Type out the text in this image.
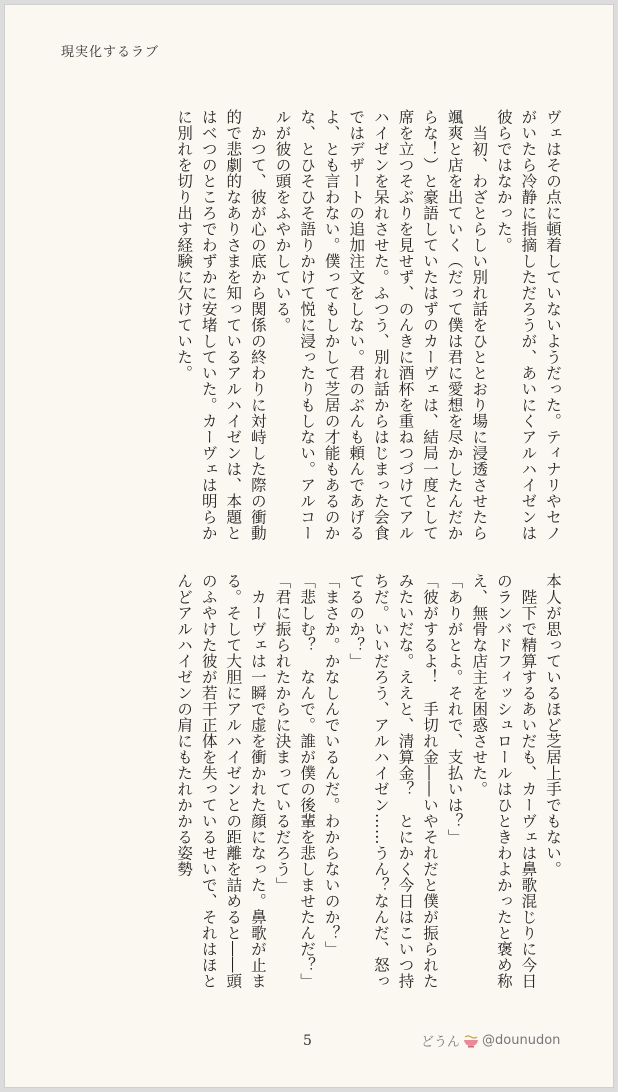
現実化するラブ

ヴェはその点に頓着していないようだった。ティナリやセノがいたら冷静に指摘しただろうが、あいにくアルハイゼンは彼らではなかった。

　当初、わざとらしい別れ話をひととおり場に浸透させたら颯爽と店を出ていく（だって僕は君に愛想を尽かしたんだからな！）と豪語していたはずのカーヴェは、結局一度として席を立つそぶりを見せず、のんきに酒杯を重ねつづけてアルハイゼンを呆れさせた。ふつう、別れ話からはじまった会食ではデザートの追加注文をしない。君のぶんも頼んであげるよ、とも言わない。僕ってもしかして芝居の才能もあるのかな、とひそひそ語りかけて悦に浸ったりもしない。アルコールが彼の頭をふやかしている。

　かつて、彼が心の底から関係の終わりに対峙した際の衝動的で悲劇的なありさまを知っているアルハイゼンは、本題とはべつのところでわずかに安堵していた。カーヴェは明らかに別れを切り出す経験に欠けていた。

本人が思っているほど芝居上手でもない。

　陛下で精算するあいだも、カーヴェは鼻歌混じりに今日のランバドフィッシュロールはひときわよかったと褒め称え、無骨な店主を困惑させた。

「ありがとよ。それで、支払いは？」

「彼がするよ！　手切れ金――いやそれだと僕が振られたみたいだな。ええと、清算金？　とにかく今日はこいつ持ちだ。いいだろう、アルハイゼン……うん？なんだ、怒ってるのか？」

「まさか。かなしんでいるんだ。わからないのか？」

「悲しむ？　なんで。誰が僕の後輩を悲しませたんだ？」

「君に振られたからに決まっているだろう」

　カーヴェは一瞬で虚を衝かれた顔になった。鼻歌が止まる。そして大胆にアルハイゼンとの距離を詰めると――頭のふやけた彼が若干正体を失っているせいで、それはほとんどアルハイゼンの肩にもたれかかる姿勢

5	どうん @dounudon
